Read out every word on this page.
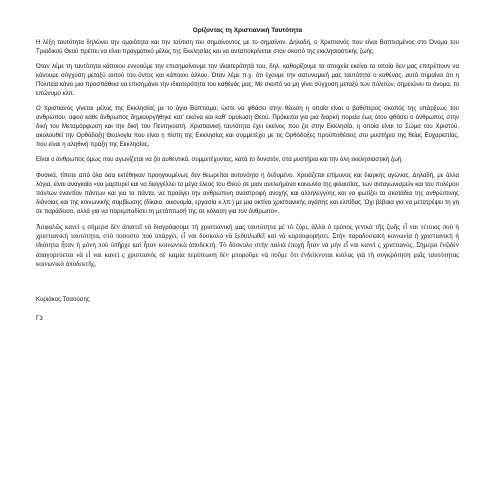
Ορίζοντας τη Χριστιανική Ταυτότητα

Η λέξη ταυτότητα δηλώνει την ομοιότητα και την ταύτιση του σημαίνοντος με το σημαίνον. Δηλαδή, ο Χριστιανός που είναι Βαπτισμένος στο Όνομα του Τριαδικού Θεού πρέπει να είναι πραγματικό μέλος της Εκκλησίας και να ανταποκρίνεται στον σκοπό της εκκλησιαστικής ζωής.

Όταν λέμε τη ταυτότητα κάποιου εννοούμε την επισημαίνουμε την ιδιαιτερότητά του, δηλ. καθορίζουμε τα στοιχεία εκείνα τα οποία δεν μας επιτρέπουν να κάνουμε σύγχυση μεταξύ αυτού του όντος και κάποιου άλλου. Όταν λέμε π.χ. ότι έχουμε την αστυνομική μας ταυτότητα ο καθένας, αυτό σημαίνει ότι η Πολιτεία κάνει μια προσπάθεια να επισημάνει την ιδιαιτερότητα του καθένός μας. Με σκοπό να μη γίνει σύγχυση μεταξύ των πολιτών, σημειώνει το όνομα, το επώνυμο κλπ.

Ο Χριστιανός γίνεται μέλος της Εκκλησίας με το άγιο Βάπτισμα, ώστε να φθάσει στην θέωση η οποία είναι ο βαθύτερος σκοπός της υπάρξεως του ανθρώπου, αφού κάθε άνθρωπος δημιουργήθηκε κατ' εικόνα και καθ' ομοίωση Θεού. Πρόκειται για μια διαρκή πορεία έως ότου φθάσει ο άνθρωπος στην δική του Μεταμόρφωση και την δική του Πεντηκοστή. Χριστιανική ταυτότητα έχει εκείνος που ζει στην Εκκλησία, η οποία είναι το Σώμα του Χριστού, ακολουθεί την Ορθόδοξη Θεολογία που είναι η πίστη της Εκκλησίας και συμμετέχει με τις Ορθόδοξες προϋποθέσεις στο μυστήριο της θείας Ευχαριστίας, που είναι η αληθινή πράξη της Εκκλησίας.

Είναι ο άνθρωπος όμως που αγωνίζεται να ζει αυθεντικά, συμμετέχοντας, κατά το δυνατόν, στα μυστήρια και την όλη εκκλησιαστική ζωή.

Φυσικά, τίποτε από όλα όσα εκτέθηκαν προηγουμένως δεν θεωρείται αυτονόητο ή δεδομένο. Χρειάζεται επίμονος και διαρκής αγώνας. Δηλαδή, με άλλα λόγια, είναι αναγκαίο «να μαρτυρεί και να διαγγέλλει το μέγα έλεος του Θεού σε μιαν ανελεήμονα κοινωνία της φιλαυτίας, των ανταγωνισμών και του πολέμου πάντων εναντίον πάντων και για τα πάντα, να προάγει την ανθρώπινη αναστροφή ανοχής και αλληλεγγύης και να φωτίζει τα σκοτάδια της ανθρώπινης διάνοιας και της κοινωνικής συμβίωσης (δίκαιο, οικονομία, εργασία κ.λπ.) με μια ακτίνα χριστιανικής αγάπης και ελπίδας. Όχι βέβαια για να μετατρέψει τη γη σε παράδεισο, αλλά για να παρεμποδίσει τη μετάπτωσή της σε κόλαση για τον άνθρωπο».

Ἀσφαλῶς κανεὶ ς σήμερα δὲν ἀπαιτεῖ νὰ διαγράφουμε τὴ χριστιανικὴ μας ταυτότητα μὲ τὸ ζόρι, ἀλλὰ ὁ τρόπος γενικὰ τῆς ζωῆς εἶ ναι τέτοιος ποὺ ἡ χριστιανικὴ ταυτότητα, στὸ ποσοστὸ ποὺ ὑπάρχει, εἶ ναι δύσκολο νὰ ξεδιπλωθεῖ καὶ νὰ καρποφορήσει. Στὴν παραδοσιακὴ κοινωνία ἡ χριστιανικὴ ἡ ἰδιότητα ἦταν ἡ μόνη ποὺ ὑπῆρχε καὶ ἦταν κοινωνικὰ ἀποδεκτή. Τὸ δύσκολο στὴν παλιὰ ἐποχὴ ἦταν νὰ μὴν εἶ ναι κανεὶ ς χριστιανός. Σήμερα ἐνῷδὲν ἀπαγορεύεται νὰ εἶ ναι κανεὶ ς χριστιανός σὲ καμία περίπτωση δὲν μποροῦμε νὰ ποῦμε ὅτι ἐνδείκνυται κιόλας γιὰ τὴ συγκρότηση μιᾶς ταυτότητας κοινωνικὰ ἀποδεκτῆς.

Κυριάκος Τσαούσης
Γ3
